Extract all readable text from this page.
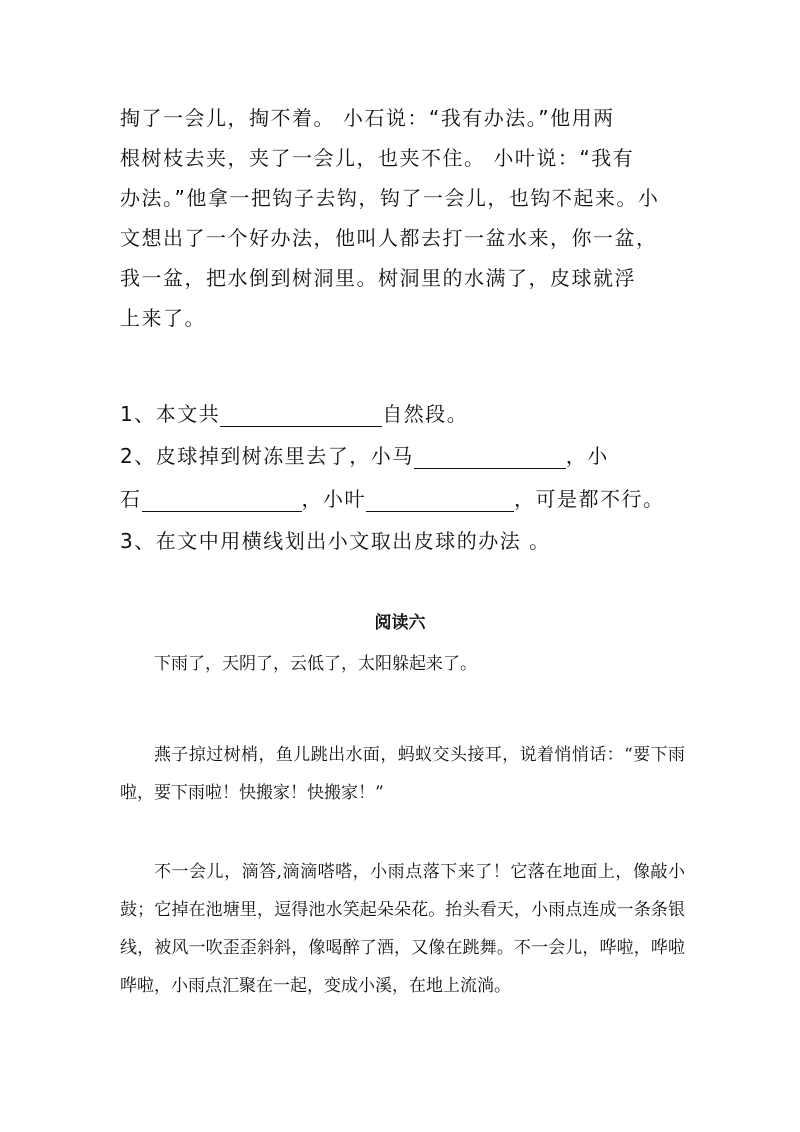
掏了一会儿，掏不着。 小石说：“我有办法。”他用两

根树枝去夹，夹了一会儿，也夹不住。 小叶说：“我有

办法。”他拿一把钩子去钩，钩了一会儿，也钩不起来。小

文想出了一个好办法，他叫人都去打一盆水来，你一盆，

我一盆，把水倒到树洞里。树洞里的水满了，皮球就浮

上来了。

1、本文共	自然段。
2、皮球掉到树冻里去了，小马	，小
石	，小叶	，可是都不行。
3、在文中用横线划出小文取出皮球的办法 。
阅读六
下雨了，天阴了，云低了，太阳躲起来了。
燕子掠过树梢，鱼儿跳出水面，蚂蚁交头接耳，说着悄悄话：“要下雨啦，要下雨啦！快搬家！快搬家！”
不一会儿，滴答,滴滴嗒嗒，小雨点落下来了！它落在地面上，像敲小鼓；它掉在池塘里，逗得池水笑起朵朵花。抬头看天，小雨点连成一条条银线，被风一吹歪歪斜斜，像喝醉了酒，又像在跳舞。不一会儿，哗啦，哗啦哗啦，小雨点汇聚在一起，变成小溪，在地上流淌。
